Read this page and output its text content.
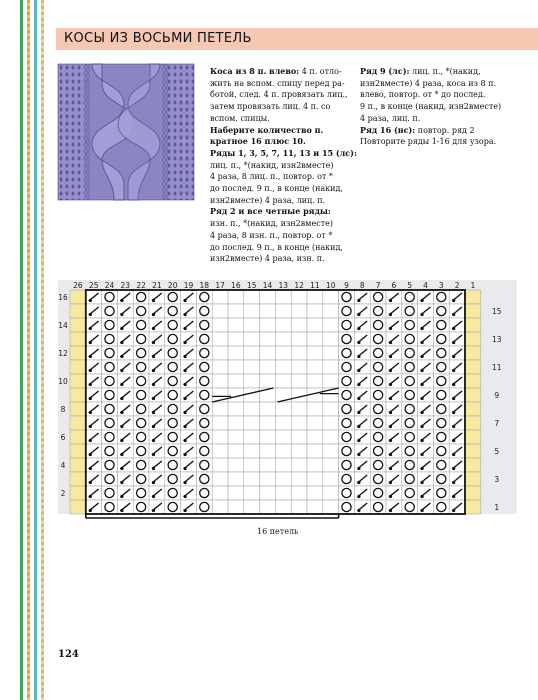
КОСЫ ИЗ ВОСЬМИ ПЕТЕЛЬ
Коса из 8 п. влево: 4 п. отло-
жить на вспом. спицу перед ра-
ботой, след. 4 п. провязать лиц.,
затем провязать лиц. 4 п. со
вспом. спицы.
Наберите количество п.
кратное 16 плюс 10.
Ряды 1, 3, 5, 7, 11, 13 и 15 (лс):
лиц. п., *(накид, изн2вместе)
4 раза, 8 лиц. п., повтор. от *
до послед. 9 п., в конце (накид,
изн2вместе) 4 раза, лиц. п.
Ряд 2 и все четные ряды:
изн. п., *(накид, изн2вместе)
4 раза, 8 изн. п., повтор. от *
до послед. 9 п., в конце (накид,
изн2вместе) 4 раза, изн. п.
Ряд 9 (лс): лиц. п., *(накид,
изн2вместе) 4 раза, коса из 8 п.
влево, повтор. от * до послед.
9 п., в конце (накид, изн2вместе)
4 раза, лиц. п.
Ряд 16 (нс): повтор. ряд 2
Повторите ряды 1-16 для узора.
26 25 24 23 22 21 20 19 18 17 16 15 14 13 12 11 10 9 8 7 6 5 4 3 2 1
16
14
12
10
8
6
4
2
15
13
11
9
7
5
3
1
16 петель
124
